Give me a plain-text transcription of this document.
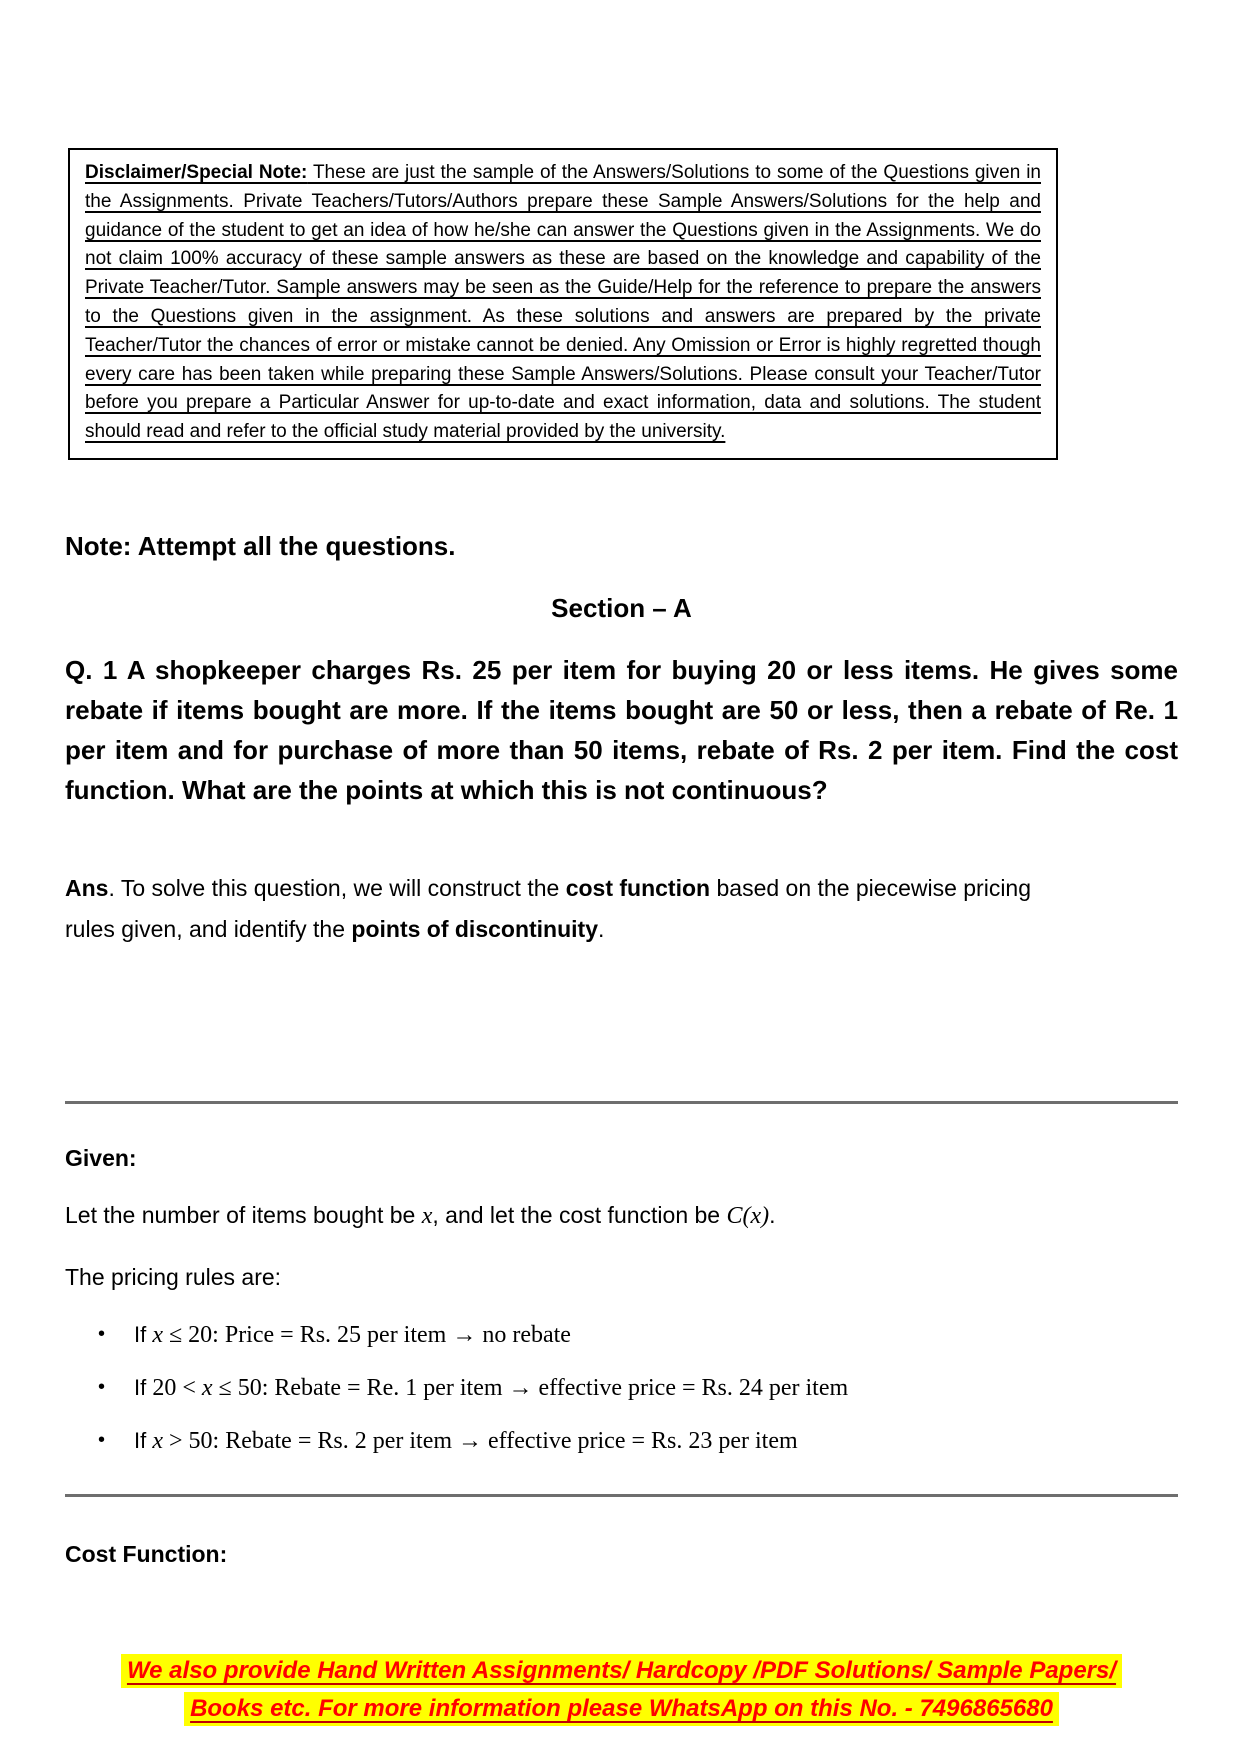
Disclaimer/Special Note: These are just the sample of the Answers/Solutions to some of the Questions given in the Assignments. Private Teachers/Tutors/Authors prepare these Sample Answers/Solutions for the help and guidance of the student to get an idea of how he/she can answer the Questions given in the Assignments. We do not claim 100% accuracy of these sample answers as these are based on the knowledge and capability of the Private Teacher/Tutor. Sample answers may be seen as the Guide/Help for the reference to prepare the answers to the Questions given in the assignment. As these solutions and answers are prepared by the private Teacher/Tutor the chances of error or mistake cannot be denied. Any Omission or Error is highly regretted though every care has been taken while preparing these Sample Answers/Solutions. Please consult your Teacher/Tutor before you prepare a Particular Answer for up-to-date and exact information, data and solutions. The student should read and refer to the official study material provided by the university.

Note: Attempt all the questions.

Section – A

Q. 1 A shopkeeper charges Rs. 25 per item for buying 20 or less items. He gives some rebate if items bought are more. If the items bought are 50 or less, then a rebate of Re. 1 per item and for purchase of more than 50 items, rebate of Rs. 2 per item. Find the cost function. What are the points at which this is not continuous?

Ans. To solve this question, we will construct the cost function based on the piecewise pricing rules given, and identify the points of discontinuity.

Given:

Let the number of items bought be x, and let the cost function be C(x).

The pricing rules are:

• If x ≤ 20: Price = Rs. 25 per item → no rebate
• If 20 < x ≤ 50: Rebate = Re. 1 per item → effective price = Rs. 24 per item
• If x > 50: Rebate = Rs. 2 per item → effective price = Rs. 23 per item

Cost Function:

We also provide Hand Written Assignments/ Hardcopy /PDF Solutions/ Sample Papers/
Books etc. For more information please WhatsApp on this No. - 7496865680
